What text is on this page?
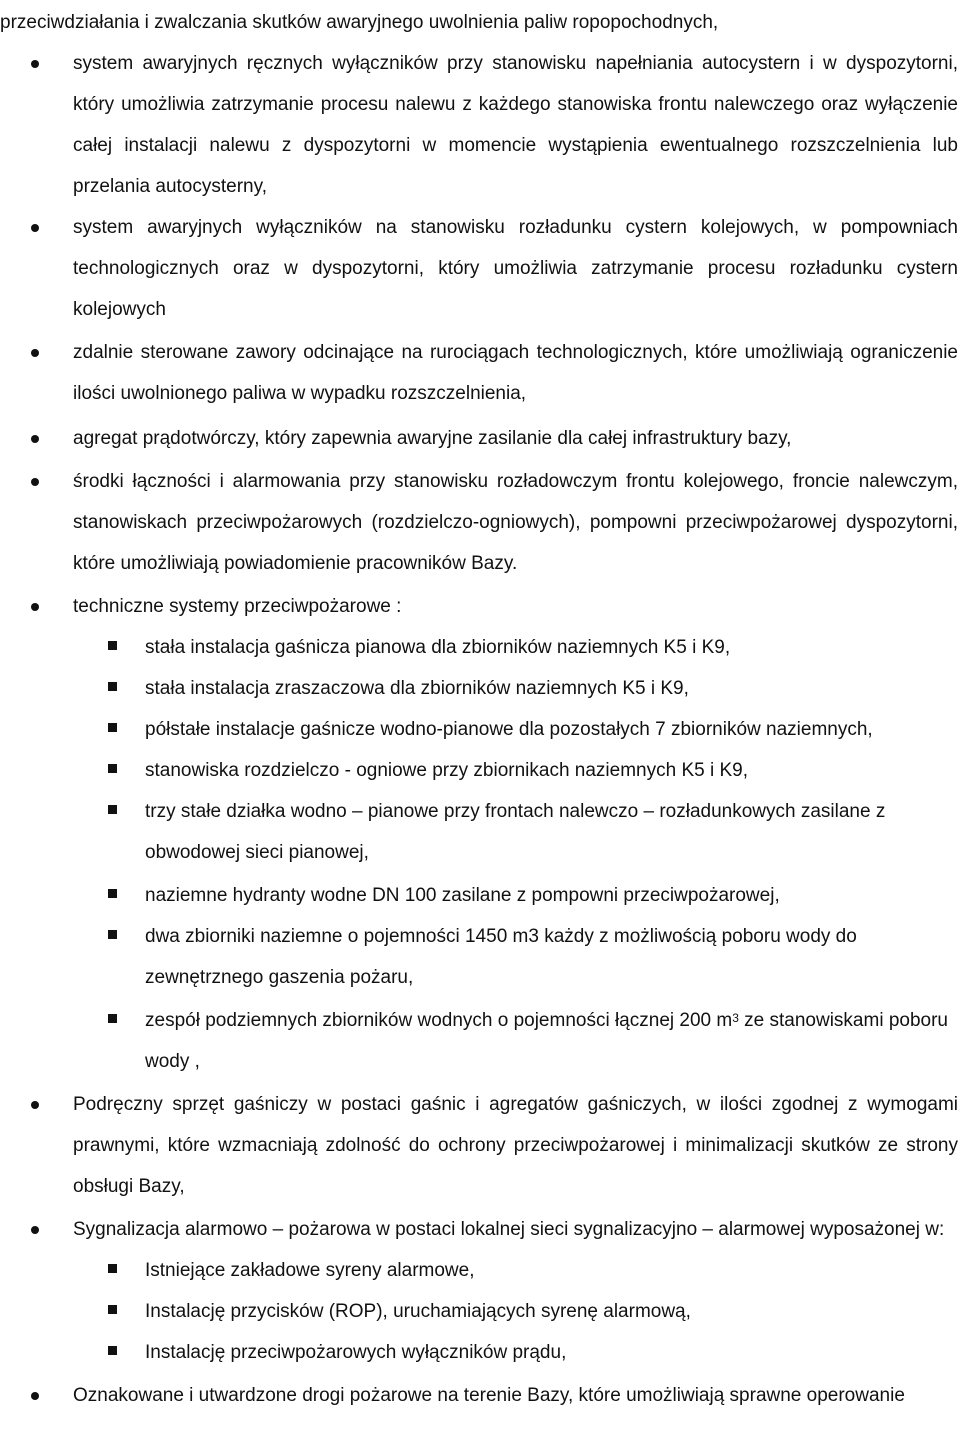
przeciwdziałania i zwalczania skutków awaryjnego uwolnienia paliw ropopochodnych,
system awaryjnych ręcznych wyłączników przy stanowisku napełniania autocystern i w dyspozytorni, który umożliwia zatrzymanie procesu nalewu z każdego stanowiska frontu nalewczego oraz wyłączenie całej instalacji nalewu z dyspozytorni w momencie wystąpienia ewentualnego rozszczelnienia lub przelania autocysterny,
system awaryjnych wyłączników na stanowisku rozładunku cystern kolejowych, w pompowniach technologicznych oraz w dyspozytorni, który umożliwia zatrzymanie procesu rozładunku cystern kolejowych
zdalnie sterowane zawory odcinające na rurociągach technologicznych, które umożliwiają ograniczenie ilości uwolnionego paliwa w wypadku rozszczelnienia,
agregat prądotwórczy, który zapewnia awaryjne zasilanie dla całej infrastruktury bazy,
środki łączności i alarmowania przy stanowisku rozładowczym frontu kolejowego, froncie nalewczym, stanowiskach przeciwpożarowych (rozdzielczo-ogniowych), pompowni przeciwpożarowej dyspozytorni, które umożliwiają powiadomienie pracowników Bazy.
techniczne systemy przeciwpożarowe :
stała instalacja gaśnicza pianowa dla zbiorników naziemnych K5 i K9,
stała instalacja zraszaczowa dla zbiorników naziemnych K5 i K9,
półstałe instalacje gaśnicze wodno-pianowe dla pozostałych 7 zbiorników naziemnych,
stanowiska rozdzielczo - ogniowe przy zbiornikach naziemnych K5 i K9,
trzy stałe działka wodno – pianowe przy frontach nalewczo – rozładunkowych zasilane z obwodowej sieci pianowej,
naziemne hydranty wodne DN 100 zasilane z pompowni przeciwpożarowej,
dwa zbiorniki naziemne o pojemności 1450 m3 każdy z możliwością poboru wody do zewnętrznego gaszenia pożaru,
zespół podziemnych zbiorników wodnych o pojemności łącznej 200 $m^3$ ze stanowiskami poboru wody ,
Podręczny sprzęt gaśniczy w postaci gaśnic i agregatów gaśniczych, w ilości zgodnej z wymogami prawnymi, które wzmacniają zdolność do ochrony przeciwpożarowej i minimalizacji skutków ze strony obsługi Bazy,
Sygnalizacja alarmowo – pożarowa w postaci lokalnej sieci sygnalizacyjno – alarmowej wyposażonej w:
Istniejące zakładowe syreny alarmowe,
Instalację przycisków (ROP), uruchamiających syrenę alarmową,
Instalację przeciwpożarowych wyłączników prądu,
Oznakowane i utwardzone drogi pożarowe na terenie Bazy, które umożliwiają sprawne operowanie
